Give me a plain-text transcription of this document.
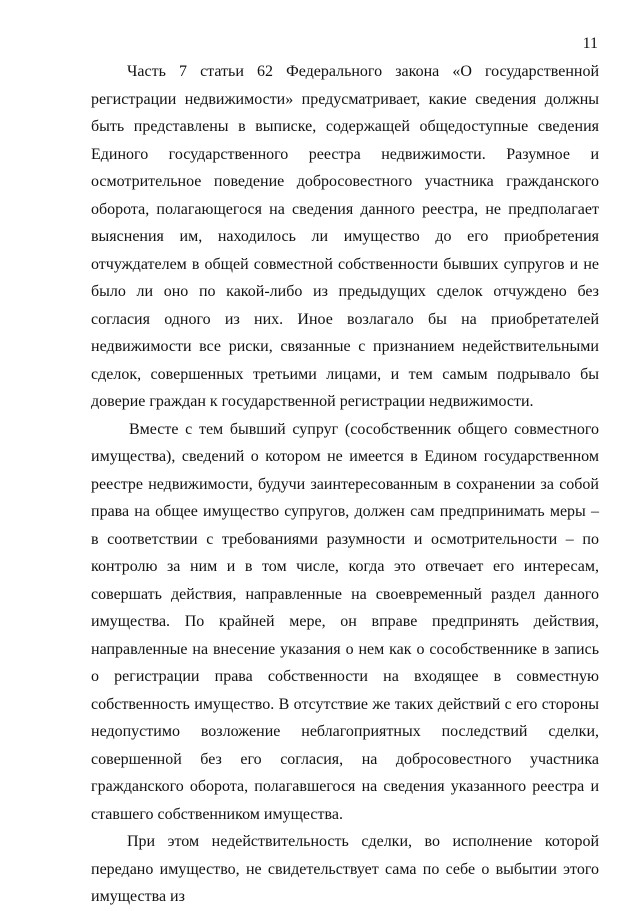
11

Часть 7 статьи 62 Федерального закона «О государственной регистрации недвижимости» предусматривает, какие сведения должны быть представлены в выписке, содержащей общедоступные сведения Единого государственного реестра недвижимости. Разумное и осмотрительное поведение добросовестного участника гражданского оборота, полагающегося на сведения данного реестра, не предполагает выяснения им, находилось ли имущество до его приобретения отчуждателем в общей совместной собственности бывших супругов и не было ли оно по какой-либо из предыдущих сделок отчуждено без согласия одного из них. Иное возлагало бы на приобретателей недвижимости все риски, связанные с признанием недействительными сделок, совершенных третьими лицами, и тем самым подрывало бы доверие граждан к государственной регистрации недвижимости.

Вместе с тем бывший супруг (сособственник общего совместного имущества), сведений о котором не имеется в Едином государственном реестре недвижимости, будучи заинтересованным в сохранении за собой права на общее имущество супругов, должен сам предпринимать меры – в соответствии с требованиями разумности и осмотрительности – по контролю за ним и в том числе, когда это отвечает его интересам, совершать действия, направленные на своевременный раздел данного имущества. По крайней мере, он вправе предпринять действия, направленные на внесение указания о нем как о сособственнике в запись о регистрации права собственности на входящее в совместную собственность имущество. В отсутствие же таких действий с его стороны недопустимо возложение неблагоприятных последствий сделки, совершенной без его согласия, на добросовестного участника гражданского оборота, полагавшегося на сведения указанного реестра и ставшего собственником имущества.

При этом недействительность сделки, во исполнение которой передано имущество, не свидетельствует сама по себе о выбытии этого имущества из
